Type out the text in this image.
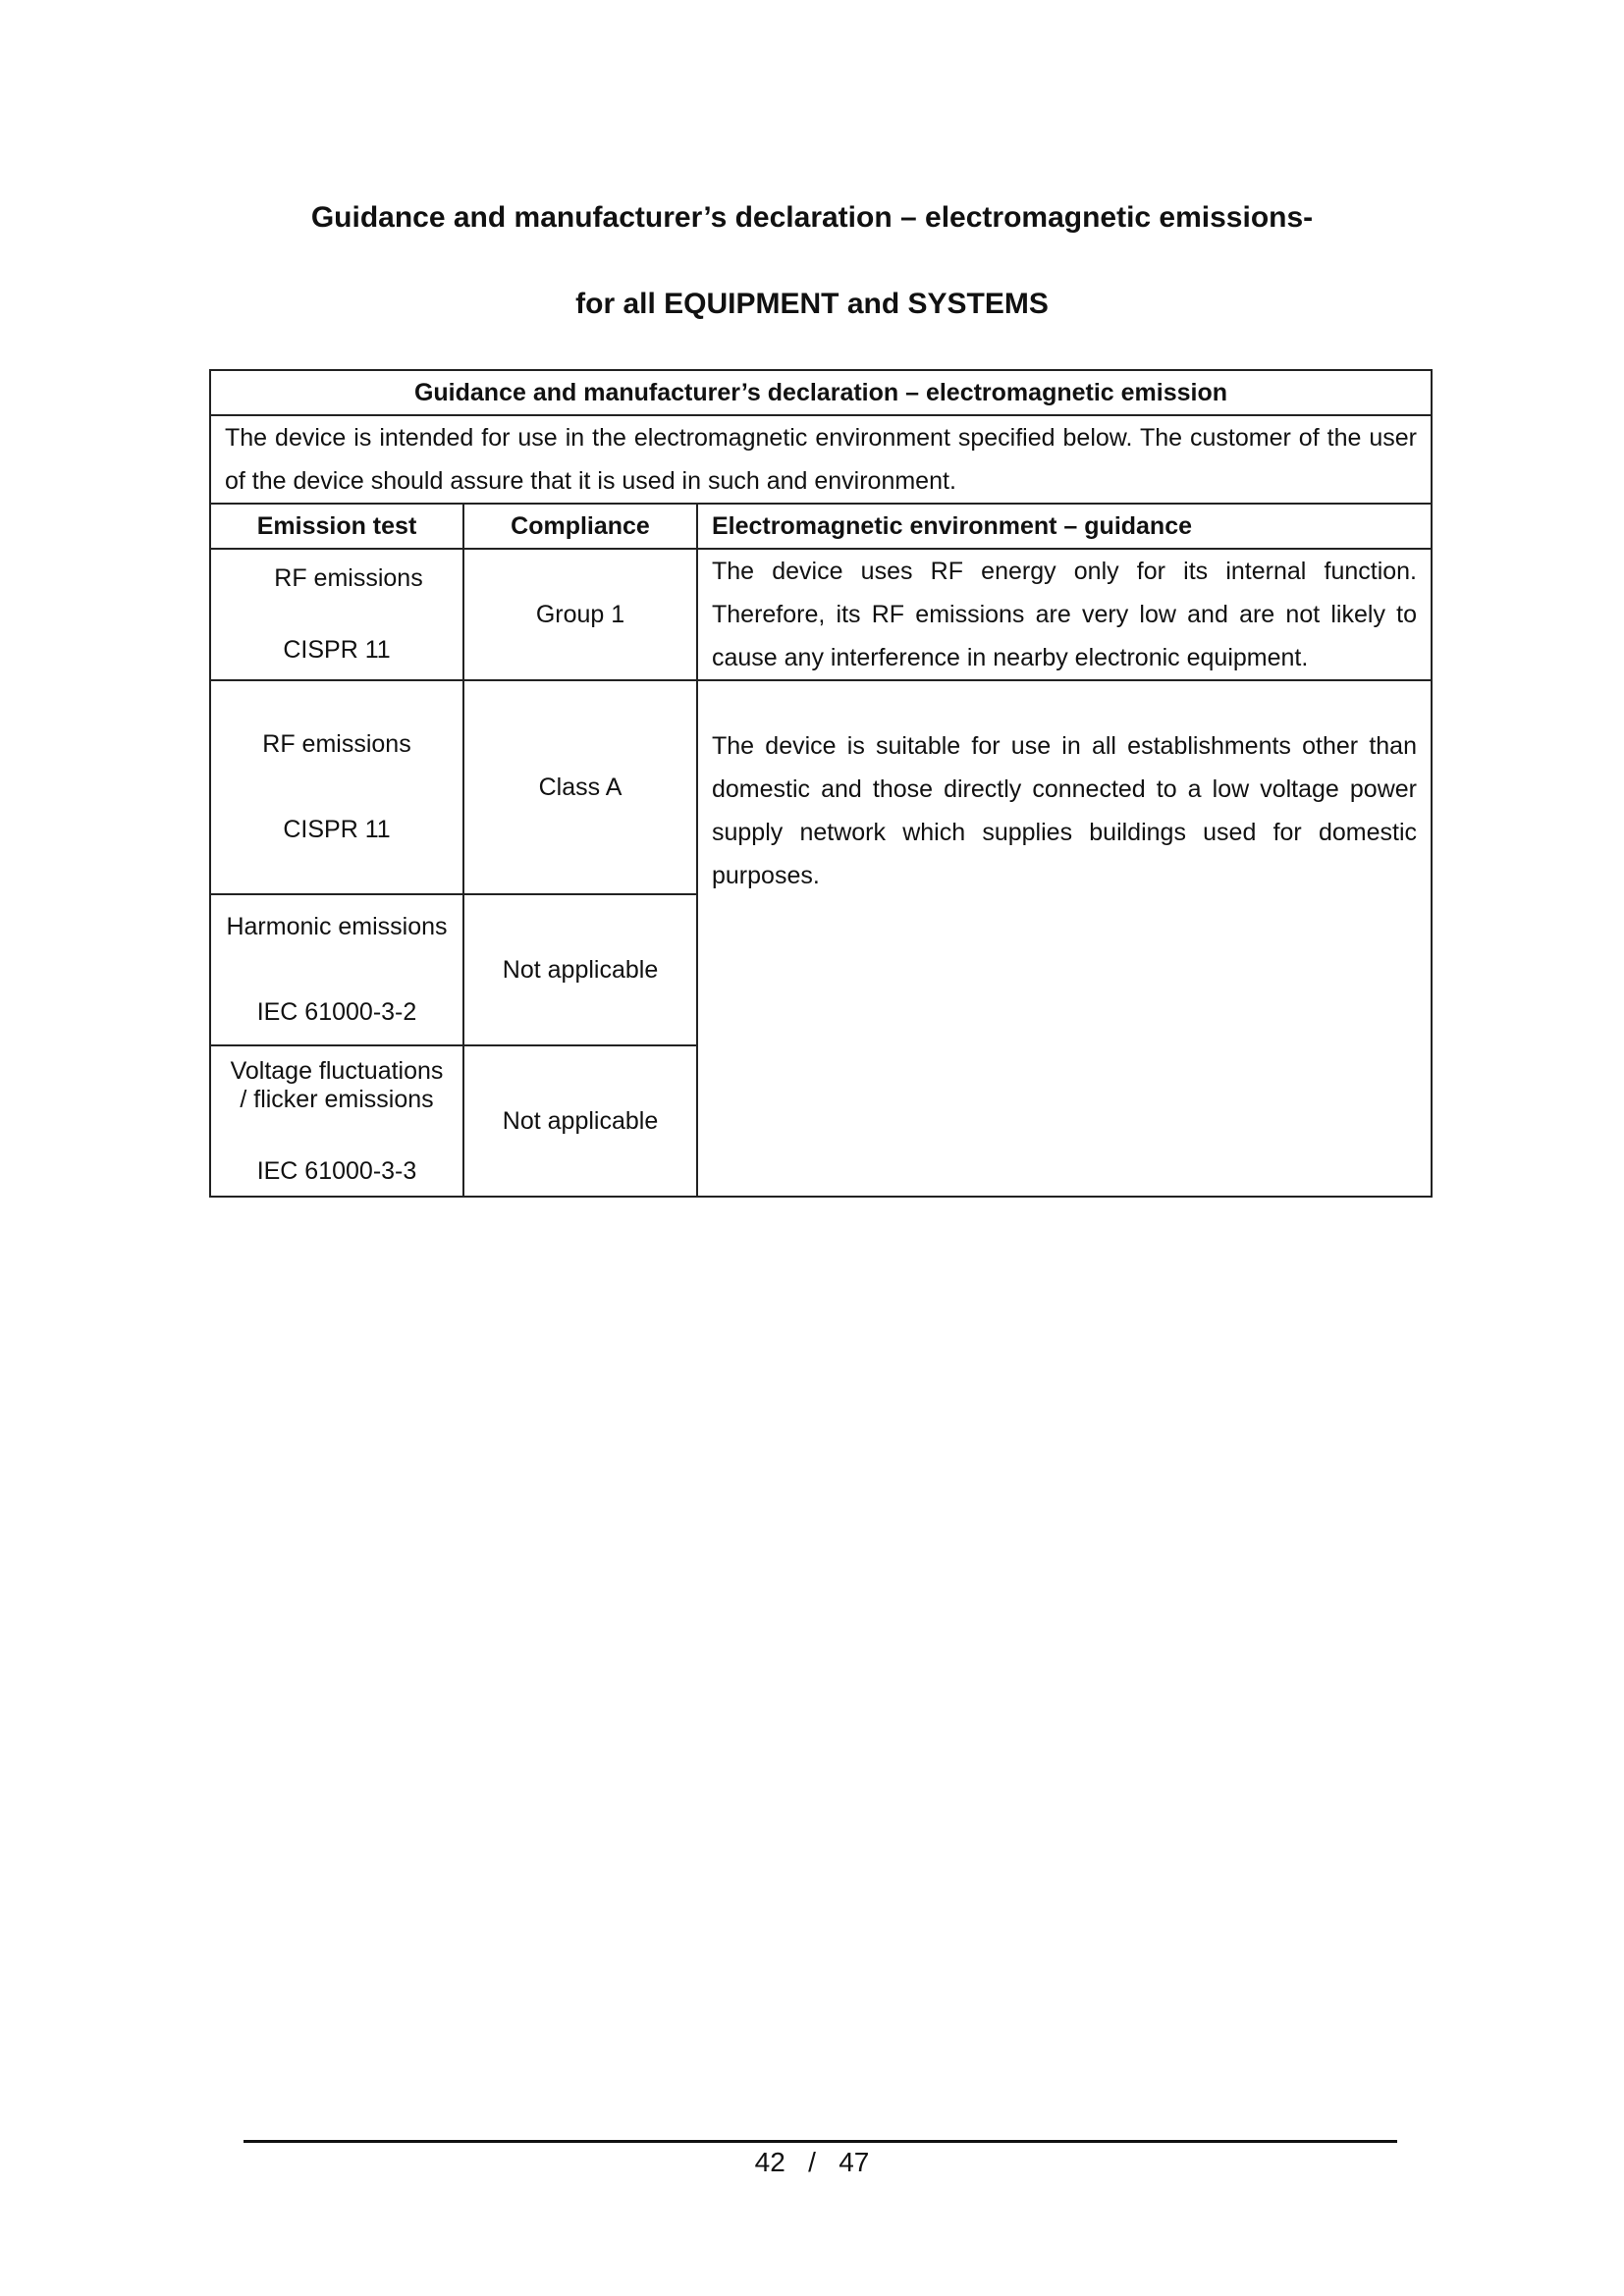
Guidance and manufacturer’s declaration – electromagnetic emissions-
for all EQUIPMENT and SYSTEMS
Guidance and manufacturer’s declaration – electromagnetic emission		
The device is intended for use in the electromagnetic environment specified below. The customer of the user of the device should assure that it is used in such and environment.		
Emission test	Compliance	Electromagnetic environment – guidance

RF emissions
CISPR 11	Group 1	The device uses RF energy only for its internal function. Therefore, its RF emissions are very low and are not likely to cause any interference in nearby electronic equipment.

RF emissions
CISPR 11	Class A	The device is suitable for use in all establishments other than domestic and those directly connected to a low voltage power supply network which supplies buildings used for domestic purposes.

Harmonic emissions
IEC 61000-3-2	Not applicable	

Voltage fluctuations / flicker emissions
IEC 61000-3-3	Not applicable	
42   /   47
